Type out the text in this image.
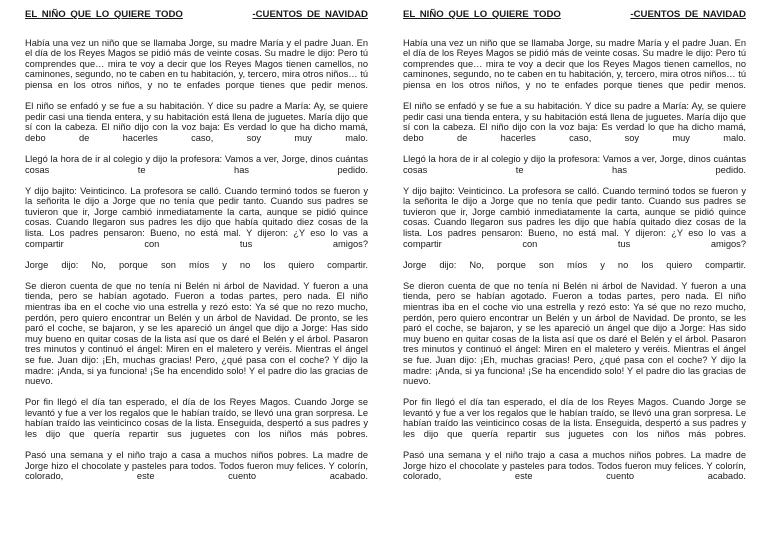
EL NIÑO QUE LO QUIERE TODO	-CUENTOS DE NAVIDAD

Había una vez un niño que se llamaba Jorge, su madre María y el padre Juan. En el día de los Reyes Magos se pidió más de veinte cosas. Su madre le dijo: Pero tú comprendes que… mira te voy a decir que los Reyes Magos tienen camellos, no caminones, segundo, no te caben en tu habitación, y, tercero, mira otros niños… tú piensa en los otros niños, y no te enfades porque tienes que pedir menos.

El niño se enfadó y se fue a su habitación. Y dice su padre a María: Ay, se quiere pedir casi una tienda entera, y su habitación está llena de juguetes. María dijo que sí con la cabeza. El niño dijo con la voz baja: Es verdad lo que ha dicho mamá, debo de hacerles caso, soy muy malo.

Llegó la hora de ir al colegio y dijo la profesora: Vamos a ver, Jorge, dinos cuántas cosas te has pedido.

Y dijo bajito: Veinticinco. La profesora se calló. Cuando terminó todos se fueron y la señorita le dijo a Jorge que no tenía que pedir tanto. Cuando sus padres se tuvieron que ir, Jorge cambió inmediatamente la carta, aunque se pidió quince cosas. Cuando llegaron sus padres les dijo que había quitado diez cosas de la lista. Los padres pensaron: Bueno, no está mal. Y dijeron: ¿Y eso lo vas a compartir con tus amigos?

Jorge dijo: No, porque son míos y no los quiero compartir.

Se dieron cuenta de que no tenía ni Belén ni árbol de Navidad. Y fueron a una tienda, pero se habían agotado. Fueron a todas partes, pero nada. El niño mientras iba en el coche vio una estrella y rezó esto: Ya sé que no rezo mucho, perdón, pero quiero encontrar un Belén y un árbol de Navidad. De pronto, se les paró el coche, se bajaron, y se les apareció un ángel que dijo a Jorge: Has sido muy bueno en quitar cosas de la lista así que os daré el Belén y el árbol. Pasaron tres minutos y continuó el ángel: Miren en el maletero y veréis. Mientras el ángel se fue. Juan dijo: ¡Eh, muchas gracias! Pero, ¿qué pasa con el coche? Y dijo la madre: ¡Anda, si ya funciona! ¡Se ha encendido solo! Y el padre dio las gracias de nuevo.

Por fin llegó el día tan esperado, el día de los Reyes Magos. Cuando Jorge se levantó y fue a ver los regalos que le habían traído, se llevó una gran sorpresa. Le habían traído las veinticinco cosas de la lista. Enseguida, despertó a sus padres y les dijo que quería repartir sus juguetes con los niños más pobres.

Pasó una semana y el niño trajo a casa a muchos niños pobres. La madre de Jorge hizo el chocolate y pasteles para todos. Todos fueron muy felices. Y colorín, colorado, este cuento acabado.

EL NIÑO QUE LO QUIERE TODO	-CUENTOS DE NAVIDAD

Había una vez un niño que se llamaba Jorge, su madre María y el padre Juan. En el día de los Reyes Magos se pidió más de veinte cosas. Su madre le dijo: Pero tú comprendes que… mira te voy a decir que los Reyes Magos tienen camellos, no caminones, segundo, no te caben en tu habitación, y, tercero, mira otros niños… tú piensa en los otros niños, y no te enfades porque tienes que pedir menos.

El niño se enfadó y se fue a su habitación. Y dice su padre a María: Ay, se quiere pedir casi una tienda entera, y su habitación está llena de juguetes. María dijo que sí con la cabeza. El niño dijo con la voz baja: Es verdad lo que ha dicho mamá, debo de hacerles caso, soy muy malo.

Llegó la hora de ir al colegio y dijo la profesora: Vamos a ver, Jorge, dinos cuántas cosas te has pedido.

Y dijo bajito: Veinticinco. La profesora se calló. Cuando terminó todos se fueron y la señorita le dijo a Jorge que no tenía que pedir tanto. Cuando sus padres se tuvieron que ir, Jorge cambió inmediatamente la carta, aunque se pidió quince cosas. Cuando llegaron sus padres les dijo que había quitado diez cosas de la lista. Los padres pensaron: Bueno, no está mal. Y dijeron: ¿Y eso lo vas a compartir con tus amigos?

Jorge dijo: No, porque son míos y no los quiero compartir.

Se dieron cuenta de que no tenía ni Belén ni árbol de Navidad. Y fueron a una tienda, pero se habían agotado. Fueron a todas partes, pero nada. El niño mientras iba en el coche vio una estrella y rezó esto: Ya sé que no rezo mucho, perdón, pero quiero encontrar un Belén y un árbol de Navidad. De pronto, se les paró el coche, se bajaron, y se les apareció un ángel que dijo a Jorge: Has sido muy bueno en quitar cosas de la lista así que os daré el Belén y el árbol. Pasaron tres minutos y continuó el ángel: Miren en el maletero y veréis. Mientras el ángel se fue. Juan dijo: ¡Eh, muchas gracias! Pero, ¿qué pasa con el coche? Y dijo la madre: ¡Anda, si ya funciona! ¡Se ha encendido solo! Y el padre dio las gracias de nuevo.

Por fin llegó el día tan esperado, el día de los Reyes Magos. Cuando Jorge se levantó y fue a ver los regalos que le habían traído, se llevó una gran sorpresa. Le habían traído las veinticinco cosas de la lista. Enseguida, despertó a sus padres y les dijo que quería repartir sus juguetes con los niños más pobres.

Pasó una semana y el niño trajo a casa a muchos niños pobres. La madre de Jorge hizo el chocolate y pasteles para todos. Todos fueron muy felices. Y colorín, colorado, este cuento acabado.
